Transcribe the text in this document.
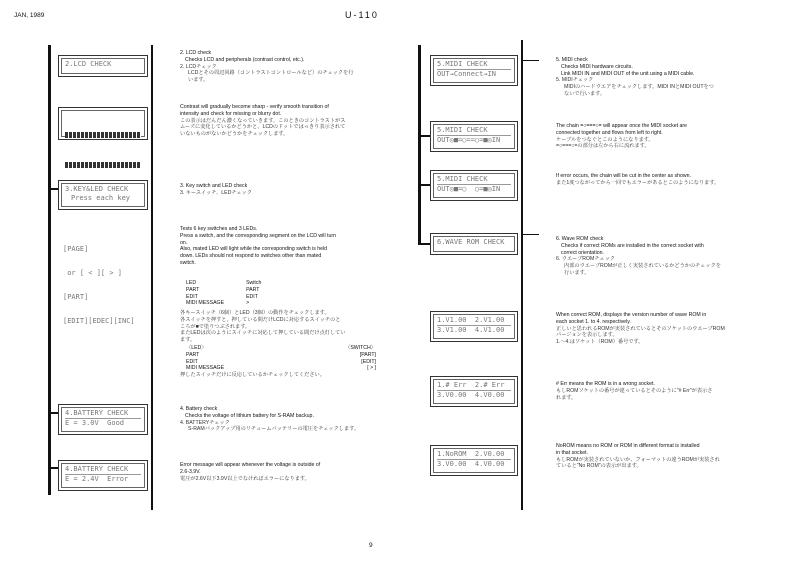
JAN, 1989	U-110
9
2.LCD CHECK

3.KEY&LED CHECK
Press each key

[PAGE]

or [ < ][ > ]

[PART]

[EDIT][EDEC][INC]

4.BATTERY CHECK
E = 3.0V  Good
4.BATTERY CHECK
E = 2.4V  Error
2. LCD check
Checks LCD and peripherals (contrast control, etc.).
2. LCDチェック
LCDとその周辺回路（コントラストコントロールなど）のチェックを行
います。
Contrast will gradually become sharp - verify smooth transition of
intensity and check for missing or blurry dot.
この表示はだんだん濃くなっていきます。このときのコントラストがス
ムーズに変化しているかどうかと、LCDのドットではっきり表示されて
いないものがないかどうかをチェックします。
3. Key switch and LED check
3. キースイッチ、LEDチェック
Tests 6 key switches and 3 LEDs.
Press a switch, and the corresponding segment on the LCD will turn
on.
Also, mated LED will light while the corresponding switch is held
down. LEDs should not respond to switches other than mated
switch.
LED	Switch
PART	PART
EDIT	EDIT
MIDI MESSAGE	>
各キースイッチ（6個）とLED（3個）の動作をチェックします。
各スイッチを押すと、押している間だけLCDに対応するスイッチのと
ころが■で塗りつぶされます。
またLEDは次のようにスイッチに対応して押している間だけ点灯してい
ます。
〈LED〉	〈SWITCH〉
PART	[PART]
EDIT	[EDIT]
MIDI MESSAGE	[ > ]
押したスイッチだけに反応しているかチェックしてください。
4. Battery check
Checks the voltage of lithium battery for S-RAM backup.
4. BATTERYチェック
S-RAMバックアップ用のリチュームバッテリーの電圧をチェックします。
Error message will appear whenever the voltage is outside of
2.6-3.9V.
電圧が2.6V以下3.9V以上でなければエラーになります。
5.MIDI CHECK
OUT→Connect→IN
5.MIDI CHECK
OUT◎■=○==○=■◎IN
5.MIDI CHECK
OUT◎■=○  ○=■◎IN
6.WAVE ROM CHECK
1.V1.00  2.V1.00
3.V1.00  4.V1.00
1.# Err  2.# Err
3.V0.00  4.V0.00
1.NoROM  2.V0.00
3.V0.00  4.V0.00
5. MIDI check
Checks MIDI hardware circuits.
Link MIDI IN and MIDI OUT of the unit using a MIDI cable.
5. MIDIチェック
MIDIのハードウエアをチェックします。MIDI INとMIDI OUTをつ
ないで行います。
The chain =○===○= will appear once the MIDI socket are
connected together and flows from left to right.
ケーブルをつなぐとこのようになります。
=○===○=の部分は左から右に流れます。
If error occurs, the chain will be cut in the center as shown.
また1度つながってから一回でもエラーがあるとこのようになります。
6. Wave ROM check
Checks if correct ROMs are installed in the correct socket with
correct orientation.
6. ウエーブROMチェック
内部のウエーブROMが正しく実装されているかどうかのチェックを
行います。
When correct ROM, displays the version number of wave ROM in
each socket 1. to 4. respectively.
正しいと思われるROMが実装されているとそのソケットのウエーブROM
バージョンを表示します。
1.～4.はソケット（ROM）番号です。
# Err means the ROM is in a wrong socket.
もしROMソケットの番号が違っているとそのように"# Err"が表示さ
れます。
NoROM means no ROM or ROM in different format is installed
in that socket.
もしROMが実装されていないか、フォーマットの違うROMが実装され
ていると"No ROM"の表示が出ます。
